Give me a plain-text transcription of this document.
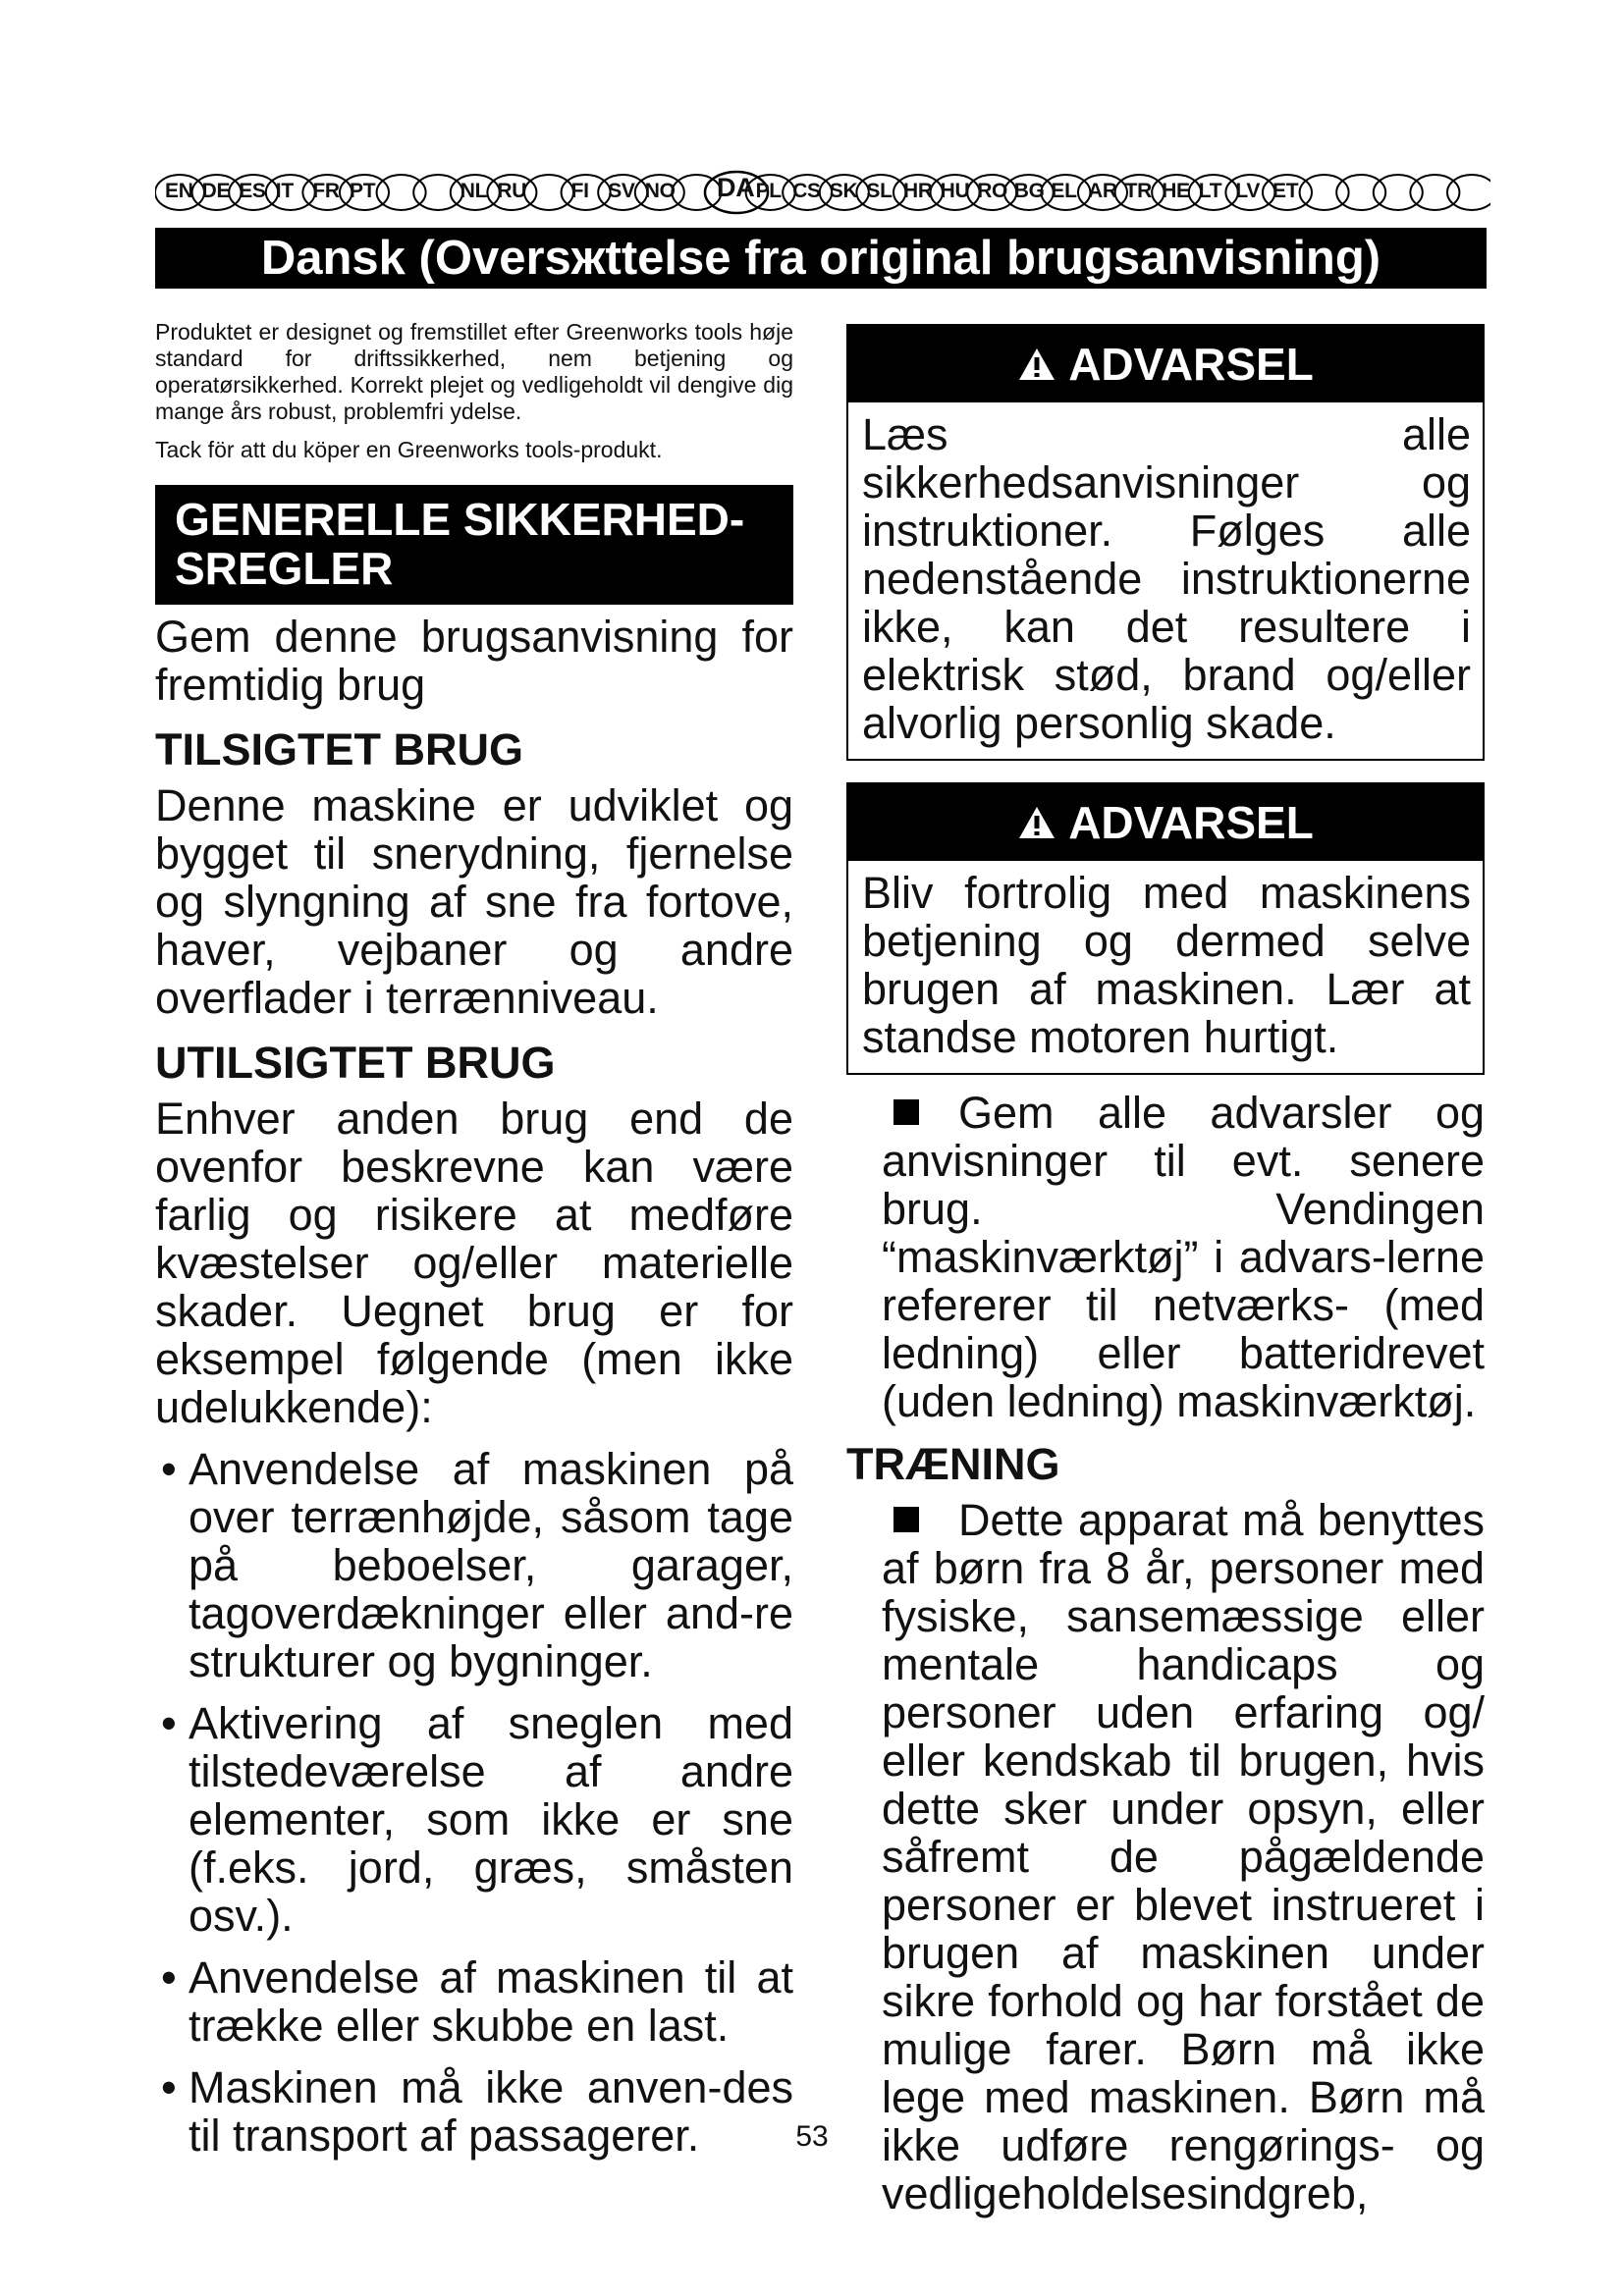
EN DE ES IT FR PT	NL RU FI SV NO DA PL CS SK SL HR HU RO BG EL AR TR HE LT LV ET
Dansk (Oversжttelse fra original brugsanvisning)

Produktet er designet og fremstillet efter Greenworks tools høje standard for driftssikkerhed, nem betjening og operatørsikkerhed. Korrekt plejet og vedligeholdt vil dengive dig mange års robust, problemfri ydelse.

Tack för att du köper en Greenworks tools-produkt.

GENERELLE SIKKERHED-SREGLER

Gem denne brugsanvisning for fremtidig brug

TILSIGTET BRUG

Denne maskine er udviklet og bygget til snerydning, fjernelse og slyngning af sne fra fortove, haver, vejbaner og andre overflader i terrænniveau.

UTILSIGTET BRUG

Enhver anden brug end de ovenfor beskrevne kan være farlig og risikere at medføre kvæstelser og/eller materielle skader. Uegnet brug er for eksempel følgende (men ikke udelukkende):

• Anvendelse af maskinen på over terrænhøjde, såsom tage på beboelser, garager, tagoverdækninger eller and-re strukturer og bygninger.
• Aktivering af sneglen med tilstedeværelse af andre elementer, som ikke er sne (f.eks. jord, græs, småsten osv.).
• Anvendelse af maskinen til at trække eller skubbe en last.
• Maskinen må ikke anven-des til transport af passagerer.
ADVARSEL
Læs alle sikkerhedsanvisninger og instruktioner. Følges alle nedenstående instruktionerne ikke, kan det resultere i elektrisk stød, brand og/eller alvorlig personlig skade.
ADVARSEL
Bliv fortrolig med maskinens betjening og dermed selve brugen af maskinen. Lær at standse motoren hurtigt.
Gem alle advarsler og anvisninger til evt. senere brug. Vendingen “maskinværktøj” i advars-lerne refererer til netværks- (med ledning) eller batteridrevet (uden ledning) maskinværktøj.
TRÆNING
Dette apparat må benyttes af børn fra 8 år, personer med fysiske, sansemæssige eller mentale handicaps og personer uden erfaring og/ eller kendskab til brugen, hvis dette sker under opsyn, eller såfremt de pågældende personer er blevet instrueret i brugen af maskinen under sikre forhold og har forstået de mulige farer. Børn må ikke lege med maskinen. Børn må ikke udføre rengørings- og vedligeholdelsesindgreb,
53
